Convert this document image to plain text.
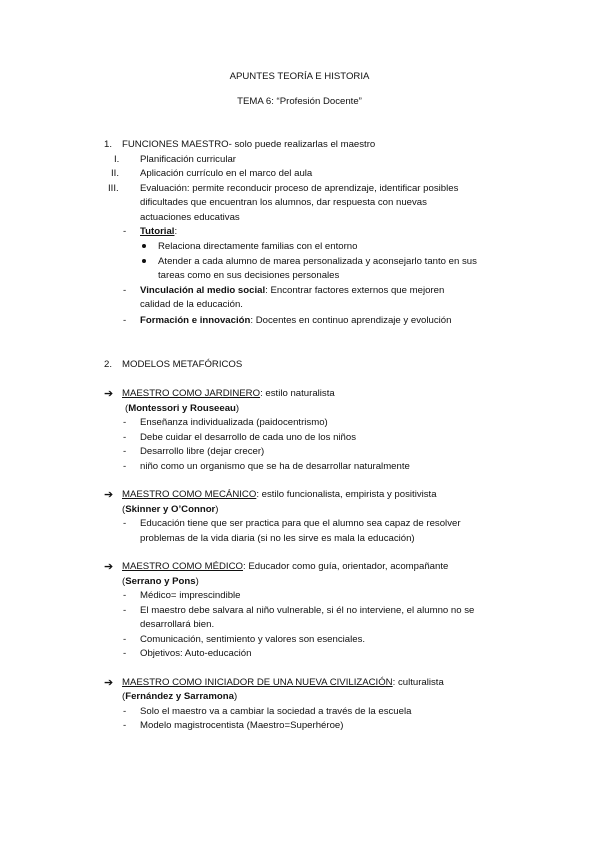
APUNTES TEORÍA E HISTORIA
TEMA 6: “Profesión Docente”
1. FUNCIONES MAESTRO- solo puede realizarlas el maestro
I. Planificación curricular
II. Aplicación currículo en el marco del aula
III. Evaluación: permite reconducir proceso de aprendizaje, identificar posibles
dificultades que encuentran los alumnos, dar respuesta con nuevas
actuaciones educativas
- Tutorial:
Relaciona directamente familias con el entorno
Atender a cada alumno de marea personalizada y aconsejarlo tanto en sus
tareas como en sus decisiones personales
- Vinculación al medio social: Encontrar factores externos que mejoren
calidad de la educación.
- Formación e innovación: Docentes en continuo aprendizaje y evolución
2. MODELOS METAFÓRICOS
➔ MAESTRO COMO JARDINERO: estilo naturalista
(Montessori y Rouseeau)
- Enseñanza individualizada (paidocentrismo)
- Debe cuidar el desarrollo de cada uno de los niños
- Desarrollo libre (dejar crecer)
- niño como un organismo que se ha de desarrollar naturalmente
➔ MAESTRO COMO MECÁNICO: estilo funcionalista, empirista y positivista
(Skinner y O’Connor)
- Educación tiene que ser practica para que el alumno sea capaz de resolver
problemas de la vida diaria (si no les sirve es mala la educación)
➔ MAESTRO COMO MÉDICO: Educador como guía, orientador, acompañante
(Serrano y Pons)
- Médico= imprescindible
- El maestro debe salvara al niño vulnerable, si él no interviene, el alumno no se
desarrollará bien.
- Comunicación, sentimiento y valores son esenciales.
- Objetivos: Auto-educación
➔ MAESTRO COMO INICIADOR DE UNA NUEVA CIVILIZACIÓN: culturalista
(Fernández y Sarramona)
- Solo el maestro va a cambiar la sociedad a través de la escuela
- Modelo magistrocentista (Maestro=Superhéroe)
